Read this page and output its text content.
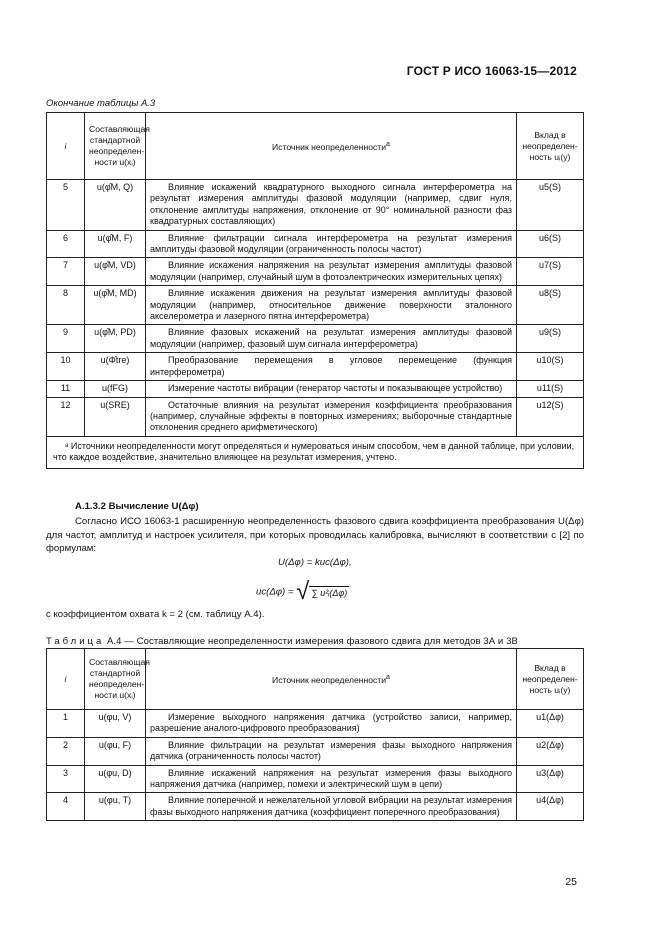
ГОСТ Р ИСО 16063-15—2012
Окончание таблицы А.3
i	Составляющая стандартной неопределен-ности u(xᵢ)	Источник неопределенности$^а$	Вклад в неопределен-ность uᵢ(y)
5	u(φ̂M, Q)	Влияние искажений квадратурного выходного сигнала интерферометра на результат измерения амплитуды фазовой модуляции (например, сдвиг нуля, отклонение амплитуды напряжения, отклонение от 90° номинальной разности фаз квадратурных составляющих)	u5(S)
6	u(φ̂M, F)	Влияние фильтрации сигнала интерферометра на результат измерения амплитуды фазовой модуляции (ограниченность полосы частот)	u6(S)
7	u(φ̂M, VD)	Влияние искажения напряжения на результат измерения амплитуды фазовой модуляции (например, случайный шум в фотоэлектрических измерительных цепях)	u7(S)
8	u(φ̂M, MD)	Влияние искажения движения на результат измерения амплитуды фазовой модуляции (например, относительное движение поверхности эталонного акселерометра и лазерного пятна интерферометра)	u8(S)
9	u(φ̂M, PD)	Влияние фазовых искажений на результат измерения амплитуды фазовой модуляции (например, фазовый шум сигнала интерферометра)	u9(S)
10	u(Φ̂tre)	Преобразование перемещения в угловое перемещение (функция интерферометра)	u10(S)
11	u(fFG)	Измерение частоты вибрации (генератор частоты и показывающее устройство)	u11(S)
12	u(SRE)	Остаточные влияния на результат измерения коэффициента преобразования (например, случайные эффекты в повторных измерениях; выборочные стандартные отклонения среднего арифметического)	u12(S)
ᵃ Источники неопределенности могут определяться и нумероваться иным способом, чем в данной таблице, при условии, что каждое воздействие, значительно влияющее на результат измерения, учтено.			
А.1.3.2 Вычисление U(Δφ)
Согласно ИСО 16063-1 расширенную неопределенность фазового сдвига коэффициента преобразования U(Δφ) для частот, амплитуд и настроек усилителя, при которых проводилась калибровка, вычисляют в соответствии с [2] по формулам:
U(Δφ) = kuc(Δφ),
uc(Δφ) = √ ∑ u²ᵢ(Δφ)
с коэффициентом охвата k = 2 (см. таблицу А.4).
Таблица А.4 — Составляющие неопределенности измерения фазового сдвига для методов 3А и 3В
i	Составляющая стандартной неопределен-ности u(xᵢ)	Источник неопределенности$^а$	Вклад в неопределен-ность uᵢ(y)
1	u(φu, V)	Измерение выходного напряжения датчика (устройство записи, например, разрешение аналого-цифрового преобразования)	u1(Δφ)
2	u(φu, F)	Влияние фильтрации на результат измерения фазы выходного напряжения датчика (ограниченность полосы частот)	u2(Δφ)
3	u(φu, D)	Влияние искажений напряжения на результат измерения фазы выходного напряжения датчика (например, помехи и электрический шум в цепи)	u3(Δφ)
4	u(φu, T)	Влияние поперечной и нежелательной угловой вибрации на результат измерения фазы выходного напряжения датчика (коэффициент поперечного преобразования)	u4(Δφ)
25
